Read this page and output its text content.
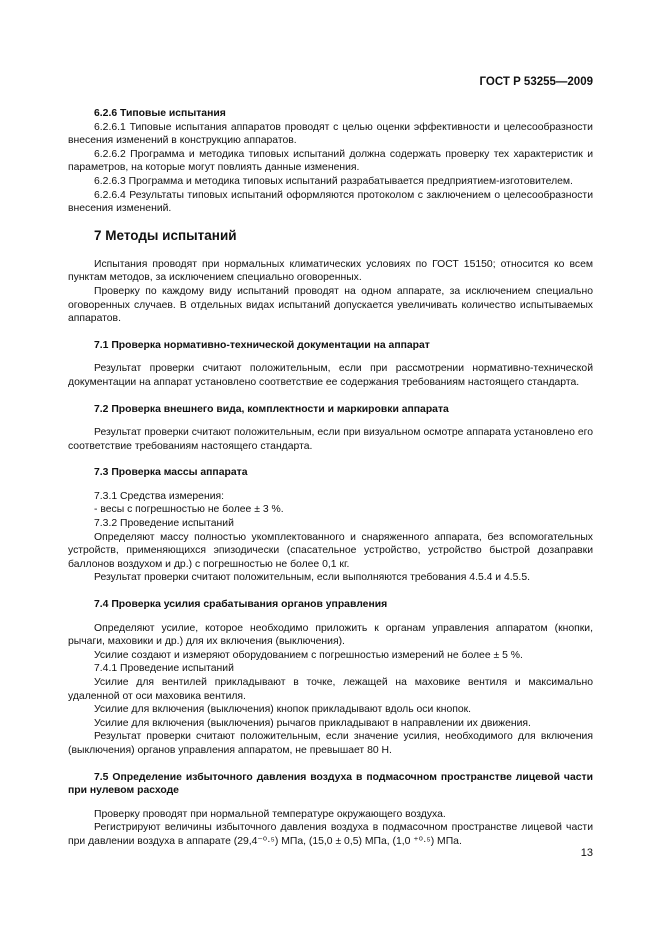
ГОСТ Р 53255—2009
6.2.6 Типовые испытания

6.2.6.1 Типовые испытания аппаратов проводят с целью оценки эффективности и целесообразности внесения изменений в конструкцию аппаратов.

6.2.6.2 Программа и методика типовых испытаний должна содержать проверку тех характеристик и параметров, на которые могут повлиять данные изменения.

6.2.6.3 Программа и методика типовых испытаний разрабатывается предприятием-изготовителем.

6.2.6.4 Результаты типовых испытаний оформляются протоколом с заключением о целесообразности внесения изменений.

7 Методы испытаний

Испытания проводят при нормальных климатических условиях по ГОСТ 15150; относится ко всем пунктам методов, за исключением специально оговоренных.

Проверку по каждому виду испытаний проводят на одном аппарате, за исключением специально оговоренных случаев. В отдельных видах испытаний допускается увеличивать количество испытываемых аппаратов.

7.1 Проверка нормативно-технической документации на аппарат

Результат проверки считают положительным, если при рассмотрении нормативно-технической документации на аппарат установлено соответствие ее содержания требованиям настоящего стандарта.

7.2 Проверка внешнего вида, комплектности и маркировки аппарата

Результат проверки считают положительным, если при визуальном осмотре аппарата установлено его соответствие требованиям настоящего стандарта.

7.3 Проверка массы аппарата

7.3.1 Средства измерения:

- весы с погрешностью не более ± 3 %.

7.3.2 Проведение испытаний

Определяют массу полностью укомплектованного и снаряженного аппарата, без вспомогательных устройств, применяющихся эпизодически (спасательное устройство, устройство быстрой дозаправки баллонов воздухом и др.) с погрешностью не более 0,1 кг.

Результат проверки считают положительным, если выполняются требования 4.5.4 и 4.5.5.

7.4 Проверка усилия срабатывания органов управления

Определяют усилие, которое необходимо приложить к органам управления аппаратом (кнопки, рычаги, маховики и др.) для их включения (выключения).

Усилие создают и измеряют оборудованием с погрешностью измерений не более ± 5 %.

7.4.1 Проведение испытаний

Усилие для вентилей прикладывают в точке, лежащей на маховике вентиля и максимально удаленной от оси маховика вентиля.

Усилие для включения (выключения) кнопок прикладывают вдоль оси кнопок.

Усилие для включения (выключения) рычагов прикладывают в направлении их движения.

Результат проверки считают положительным, если значение усилия, необходимого для включения (выключения) органов управления аппаратом, не превышает 80 Н.

7.5 Определение избыточного давления воздуха в подмасочном пространстве лицевой части при нулевом расходе

Проверку проводят при нормальной температуре окружающего воздуха.

Регистрируют величины избыточного давления воздуха в подмасочном пространстве лицевой части при давлении воздуха в аппарате (29,4⁻⁰·⁵) МПа, (15,0 ± 0,5) МПа, (1,0 ⁺⁰·⁵) МПа.

13
